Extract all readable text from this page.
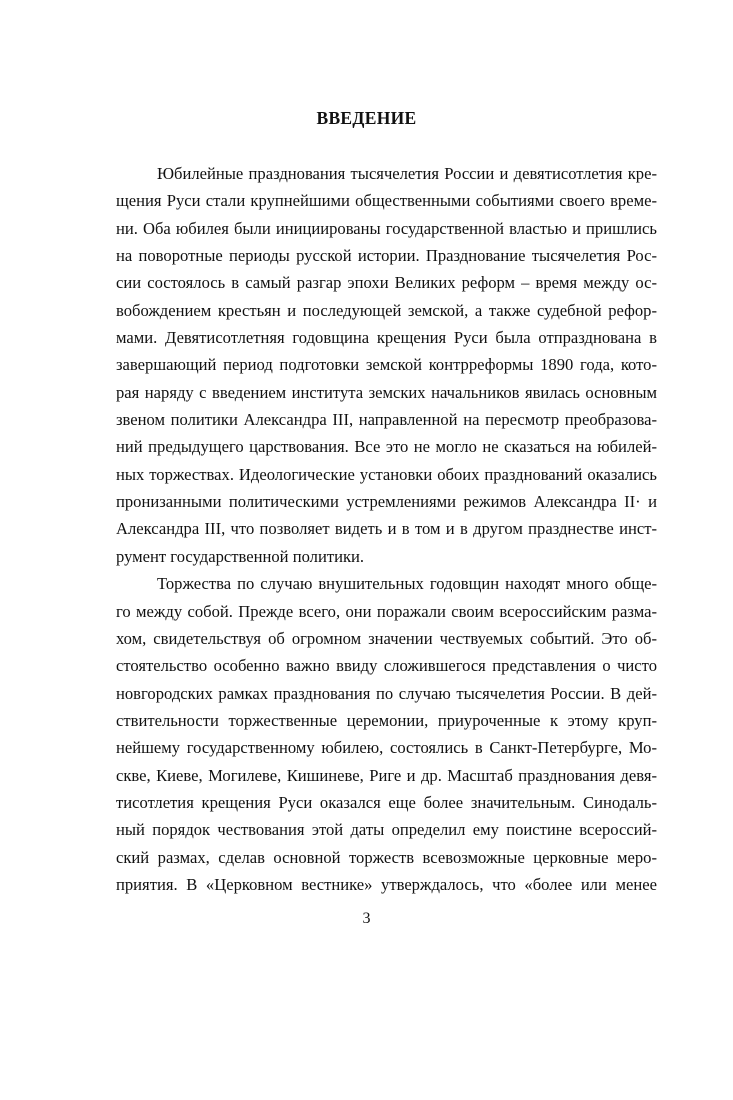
ВВЕДЕНИЕ
Юбилейные празднования тысячелетия России и девятисотлетия кре-
щения Руси стали крупнейшими общественными событиями своего време-
ни. Оба юбилея были инициированы государственной властью и пришлись
на поворотные периоды русской истории. Празднование тысячелетия Рос-
сии состоялось в самый разгар эпохи Великих реформ – время между ос-
вобождением крестьян и последующей земской, а также судебной рефор-
мами. Девятисотлетняя годовщина крещения Руси была отпразднована в
завершающий период подготовки земской контрреформы 1890 года, кото-
рая наряду с введением института земских начальников явилась основным
звеном политики Александра III, направленной на пересмотр преобразова-
ний предыдущего царствования. Все это не могло не сказаться на юбилей-
ных торжествах. Идеологические установки обоих празднований оказались
пронизанными политическими устремлениями режимов Александра II· и
Александра III, что позволяет видеть и в том и в другом празднестве инст-
румент государственной политики.
Торжества по случаю внушительных годовщин находят много обще-
го между собой. Прежде всего, они поражали своим всероссийским разма-
хом, свидетельствуя об огромном значении чествуемых событий. Это об-
стоятельство особенно важно ввиду сложившегося представления о чисто
новгородских рамках празднования по случаю тысячелетия России. В дей-
ствительности торжественные церемонии, приуроченные к этому круп-
нейшему государственному юбилею, состоялись в Санкт-Петербурге, Мо-
скве, Киеве, Могилеве, Кишиневе, Риге и др. Масштаб празднования девя-
тисотлетия крещения Руси оказался еще более значительным. Синодаль-
ный порядок чествования этой даты определил ему поистине всероссий-
ский размах, сделав основной торжеств всевозможные церковные меро-
приятия. В «Церковном вестнике» утверждалось, что «более или менее
3
